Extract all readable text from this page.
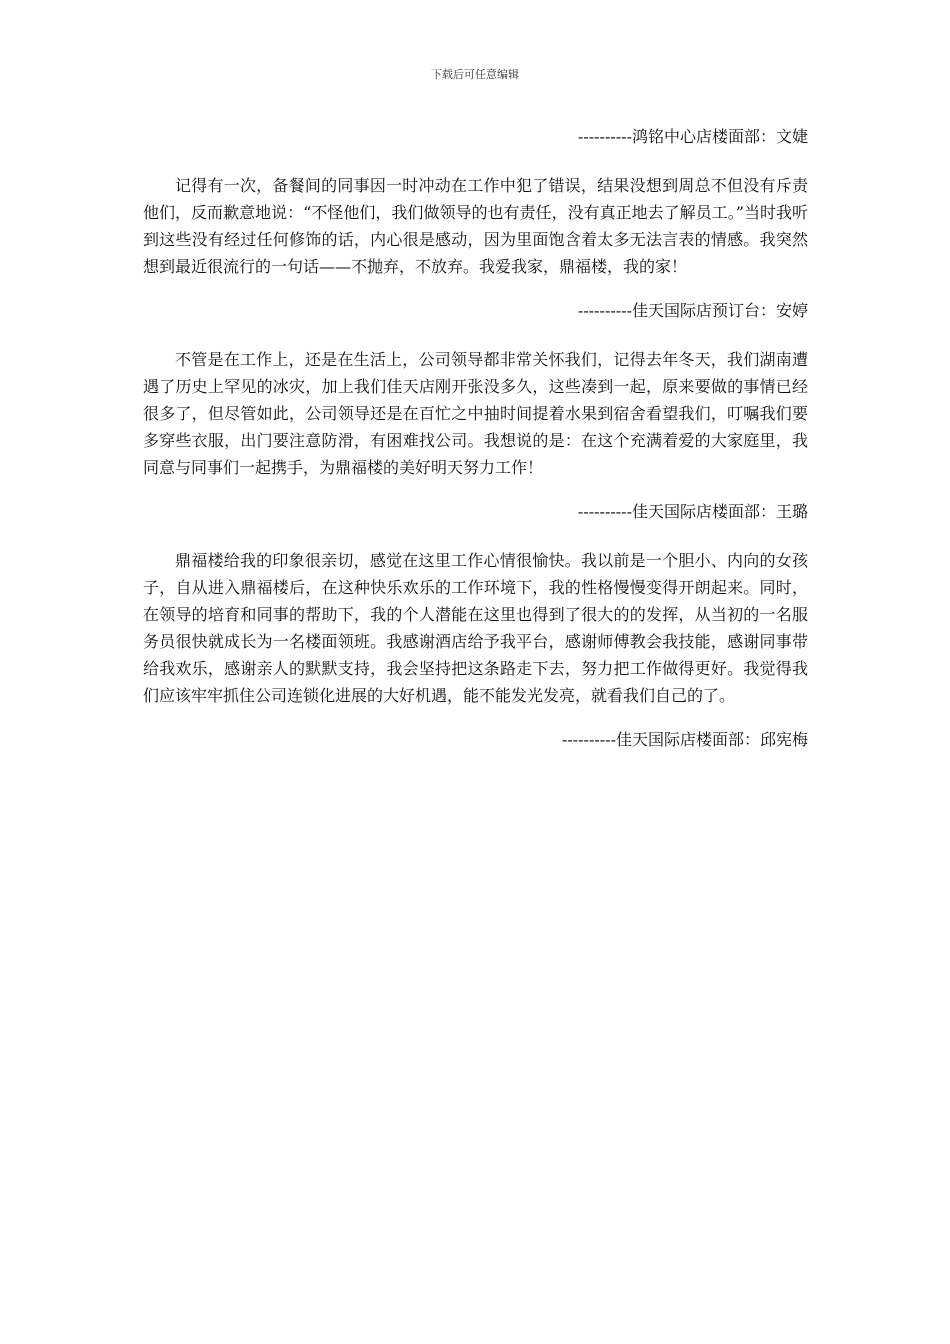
下载后可任意编辑

----------鸿铭中心店楼面部：文婕

记得有一次，备餐间的同事因一时冲动在工作中犯了错误，结果没想到周总不但没有斥责他们，反而歉意地说：“不怪他们，我们做领导的也有责任，没有真正地去了解员工。”当时我听到这些没有经过任何修饰的话，内心很是感动，因为里面饱含着太多无法言表的情感。我突然想到最近很流行的一句话——不抛弃，不放弃。我爱我家，鼎福楼，我的家！

----------佳天国际店预订台：安婷

不管是在工作上，还是在生活上，公司领导都非常关怀我们，记得去年冬天，我们湖南遭遇了历史上罕见的冰灾，加上我们佳天店刚开张没多久，这些凑到一起，原来要做的事情已经很多了，但尽管如此，公司领导还是在百忙之中抽时间提着水果到宿舍看望我们，叮嘱我们要多穿些衣服，出门要注意防滑，有困难找公司。我想说的是：在这个充满着爱的大家庭里，我同意与同事们一起携手，为鼎福楼的美好明天努力工作！

----------佳天国际店楼面部：王璐

鼎福楼给我的印象很亲切，感觉在这里工作心情很愉快。我以前是一个胆小、内向的女孩子，自从进入鼎福楼后，在这种快乐欢乐的工作环境下，我的性格慢慢变得开朗起来。同时，在领导的培育和同事的帮助下，我的个人潜能在这里也得到了很大的的发挥，从当初的一名服务员很快就成长为一名楼面领班。我感谢酒店给予我平台，感谢师傅教会我技能，感谢同事带给我欢乐，感谢亲人的默默支持，我会坚持把这条路走下去，努力把工作做得更好。我觉得我们应该牢牢抓住公司连锁化进展的大好机遇，能不能发光发亮，就看我们自己的了。

----------佳天国际店楼面部：邱宪梅
